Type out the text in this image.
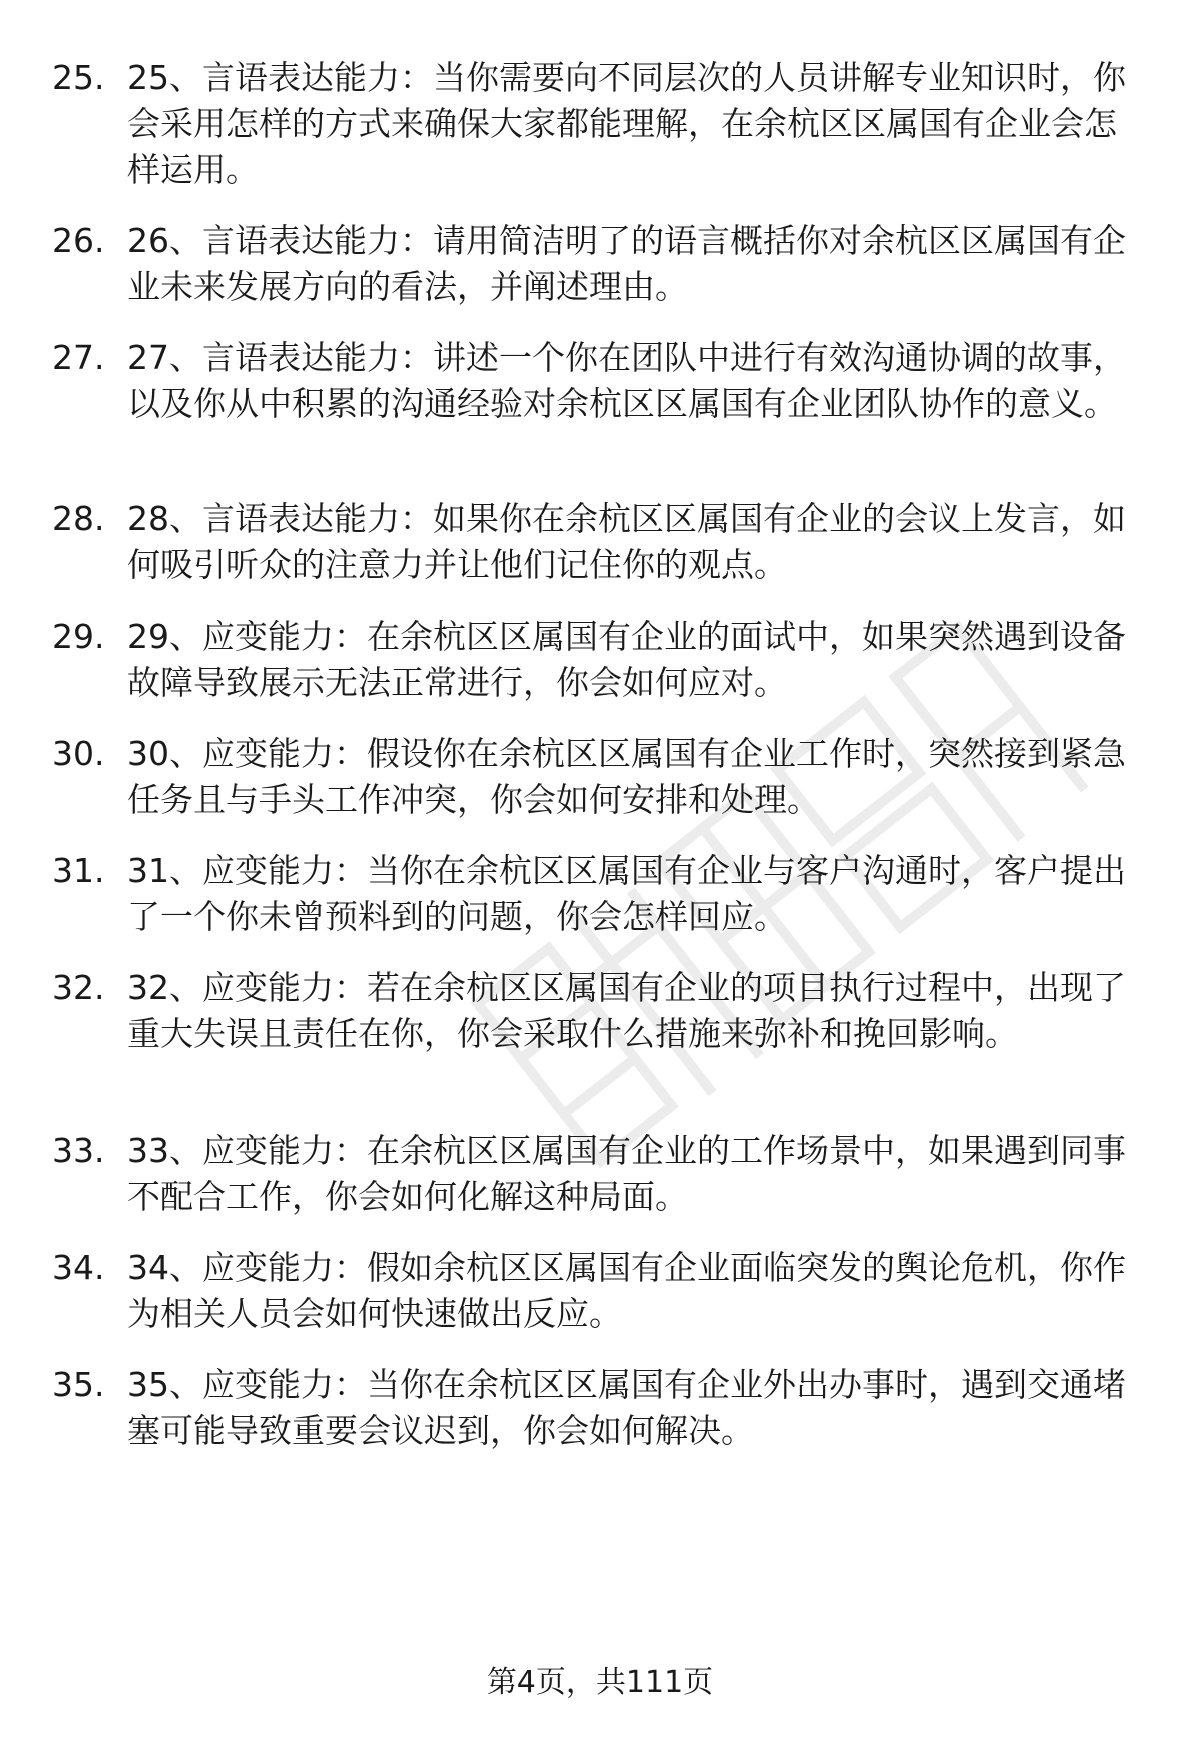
25. 25、言语表达能力：当你需要向不同层次的人员讲解专业知识时，你会采用怎样的方式来确保大家都能理解，在余杭区区属国有企业会怎样运用。

26. 26、言语表达能力：请用简洁明了的语言概括你对余杭区区属国有企业未来发展方向的看法，并阐述理由。

27. 27、言语表达能力：讲述一个你在团队中进行有效沟通协调的故事，以及你从中积累的沟通经验对余杭区区属国有企业团队协作的意义。

28. 28、言语表达能力：如果你在余杭区区属国有企业的会议上发言，如何吸引听众的注意力并让他们记住你的观点。

29. 29、应变能力：在余杭区区属国有企业的面试中，如果突然遇到设备故障导致展示无法正常进行，你会如何应对。

30. 30、应变能力：假设你在余杭区区属国有企业工作时，突然接到紧急任务且与手头工作冲突，你会如何安排和处理。

31. 31、应变能力：当你在余杭区区属国有企业与客户沟通时，客户提出了一个你未曾预料到的问题，你会怎样回应。

32. 32、应变能力：若在余杭区区属国有企业的项目执行过程中，出现了重大失误且责任在你，你会采取什么措施来弥补和挽回影响。

33. 33、应变能力：在余杭区区属国有企业的工作场景中，如果遇到同事不配合工作，你会如何化解这种局面。

34. 34、应变能力：假如余杭区区属国有企业面临突发的舆论危机，你作为相关人员会如何快速做出反应。

35. 35、应变能力：当你在余杭区区属国有企业外出办事时，遇到交通堵塞可能导致重要会议迟到，你会如何解决。

第4页，共111页
